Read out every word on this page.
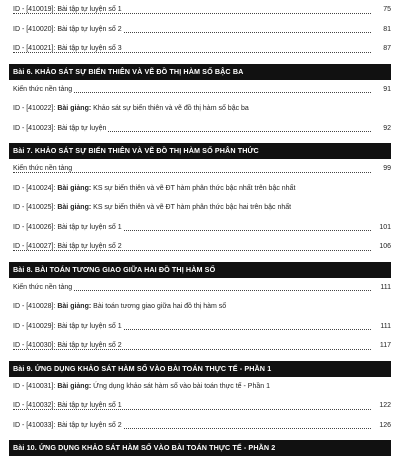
ID - [410019]: Bài tập tự luyện số 1	75
ID - [410020]: Bài tập tự luyện số 2	81
ID - [410021]: Bài tập tự luyện số 3	87
Bài 6. KHẢO SÁT SỰ BIẾN THIÊN VÀ VẼ ĐỒ THỊ HÀM SỐ BẬC BA
Kiến thức nền tảng	91
ID - [410022]: Bài giảng: Khảo sát sự biến thiên và vẽ đồ thị hàm số bậc ba
ID - [410023]: Bài tập tự luyện	92
Bài 7. KHẢO SÁT SỰ BIẾN THIÊN VÀ VẼ ĐỒ THỊ HÀM SỐ PHÂN THỨC
Kiến thức nền tảng	99
ID - [410024]: Bài giảng: KS sự biến thiên và vẽ ĐT hàm phân thức bậc nhất trên bậc nhất
ID - [410025]: Bài giảng: KS sự biến thiên và vẽ ĐT hàm phân thức bậc hai trên bậc nhất
ID - [410026]: Bài tập tự luyện số 1	101
ID - [410027]: Bài tập tự luyện số 2	106
Bài 8. BÀI TOÁN TƯƠNG GIAO GIỮA HAI ĐỒ THỊ HÀM SỐ
Kiến thức nền tảng	111
ID - [410028]: Bài giảng: Bài toán tương giao giữa hai đồ thị hàm số
ID - [410029]: Bài tập tự luyện số 1	111
ID - [410030]: Bài tập tự luyện số 2	117
Bài 9. ỨNG DỤNG KHẢO SÁT HÀM SỐ VÀO BÀI TOÁN THỰC TẾ - PHẦN 1
ID - [410031]: Bài giảng: Ứng dụng khảo sát hàm số vào bài toán thực tế - Phần 1
ID - [410032]: Bài tập tự luyện số 1	122
ID - [410033]: Bài tập tự luyện số 2	126
Bài 10. ỨNG DỤNG KHẢO SÁT HÀM SỐ VÀO BÀI TOÁN THỰC TẾ - PHẦN 2
